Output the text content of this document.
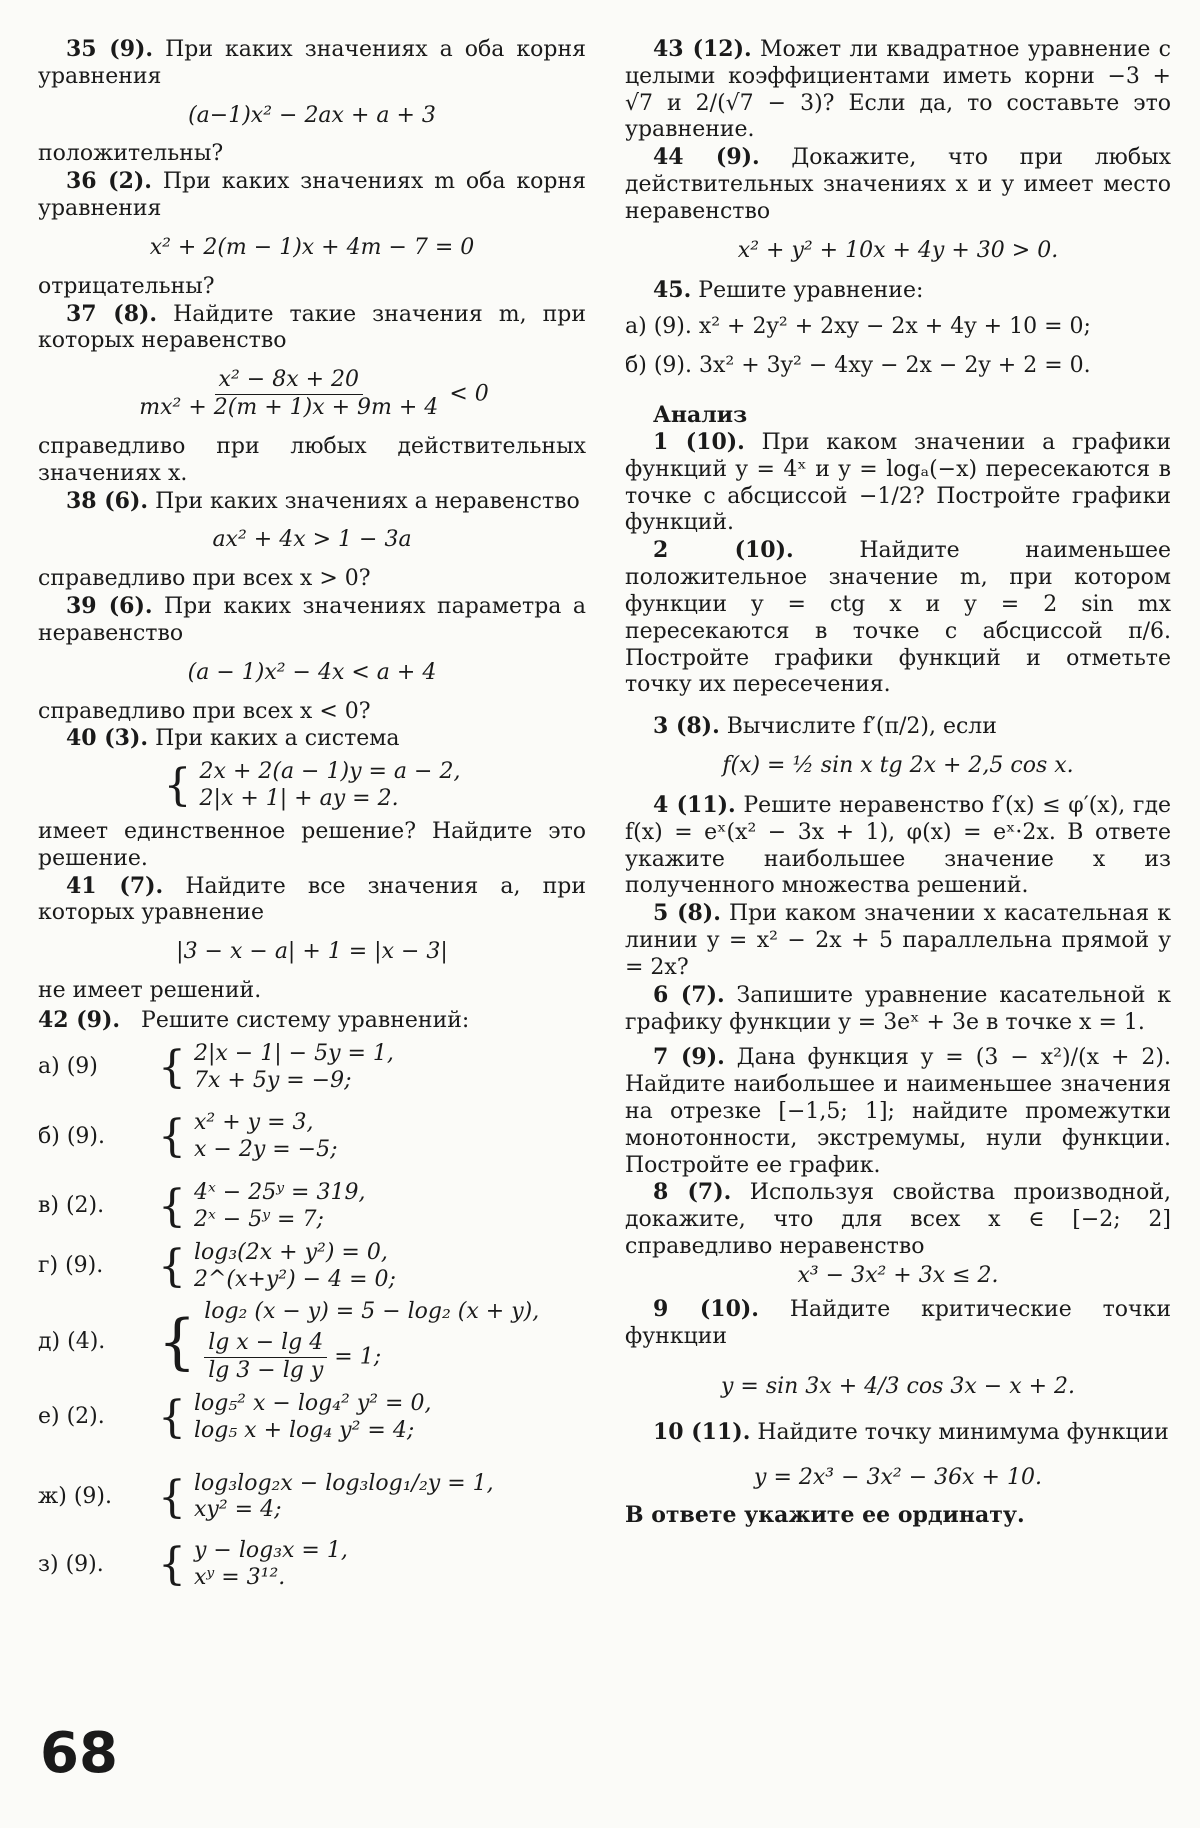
35 (9). При каких значениях a оба корня уравнения

(a−1)x² − 2ax + a + 3

положительны?

36 (2). При каких значениях m оба корня уравнения

x² + 2(m − 1)x + 4m − 7 = 0

отрицательны?

37 (8). Найдите такие значения m, при которых неравенство

$\frac{\text{x² − 8x + 20}}{\text{mx² + 2(m + 1)x + 9m + 4}} < 0$

справедливо при любых действительных значениях x.

38 (6). При каких значениях a неравенство

ax² + 4x > 1 − 3a

справедливо при всех x > 0?

39 (6). При каких значениях параметра a неравенство

(a − 1)x² − 4x < a + 4

справедливо при всех x < 0?

40 (3). При каких a система

{ 2x + 2(a − 1)y = a − 2,
2|x + 1| + ay = 2.

имеет единственное решение? Найдите это решение.

41 (7). Найдите все значения a, при которых уравнение

|3 − x − a| + 1 = |x − 3|

не имеет решений.

42 (9). Решите систему уравнений:

а) (9)	{ 2|x − 1| − 5y = 1,
7x + 5y = −9;
б) (9).	{ x² + y = 3,
x − 2y = −5;
в) (2).	{ 4ˣ − 25ʸ = 319,
2ˣ − 5ʸ = 7;
г) (9).	{ log₃(2x + y²) = 0,
2^(x+y²) − 4 = 0;
д) (4). { log₂ (x − y) = 5 − log₂ (x + y),
$\frac{\text{lg x − lg 4}}{\text{lg 3 − lg y}} = 1$;
е) (2).	{ log₅² x − log₄² y² = 0,
log₅ x + log₄ y² = 4;
ж) (9).	{ log₃log₂x − log₃log₁/₂y = 1,
xy² = 4;
з) (9).	{ y − log₃x = 1,
xʸ = 3¹².

43 (12). Может ли квадратное уравнение с целыми коэффициентами иметь корни −3 + √7 и 2/(√7 − 3)? Если да, то составьте это уравнение.

44 (9). Докажите, что при любых действительных значениях x и y имеет место неравенство

x² + y² + 10x + 4y + 30 > 0.

45. Решите уравнение:

а) (9). x² + 2y² + 2xy − 2x + 4y + 10 = 0;

б) (9). 3x² + 3y² − 4xy − 2x − 2y + 2 = 0.

Анализ

1 (10). При каком значении a графики функций y = 4ˣ и y = logₐ(−x) пересекаются в точке с абсциссой −1/2? Постройте графики функций.

2 (10).	Найдите наименьшее положительное значение m, при котором функции y = ctg x и y = 2 sin mx пересекаются в точке с абсциссой π/6. Постройте графики функций и отметьте точку их пересечения.

3 (8). Вычислите f′(π/2), если

f(x) = ½ sin x tg 2x + 2,5 cos x.

4 (11). Решите неравенство f′(x) ≤ φ′(x), где f(x) = eˣ(x² − 3x + 1), φ(x) = eˣ·2x. В ответе укажите наибольшее значение x из полученного множества решений.

5 (8). При каком значении x касательная к линии y = x² − 2x + 5 параллельна прямой y = 2x?

6 (7). Запишите уравнение касательной к графику функции y = 3eˣ + 3e в точке x = 1.

7 (9). Дана функция y = (3 − x²)/(x + 2). Найдите наибольшее и наименьшее значения на отрезке [−1,5; 1]; найдите промежутки монотонности, экстремумы, нули функции. Постройте ее график.

8 (7). Используя свойства производной, докажите, что для всех x ∈ [−2; 2] справедливо неравенство

x³ − 3x² + 3x ≤ 2.

9 (10). Найдите критические точки функции

y = sin 3x + 4/3 cos 3x − x + 2.

10 (11). Найдите точку минимума функции

y = 2x³ − 3x² − 36x + 10.

В ответе укажите ее ординату.

68
